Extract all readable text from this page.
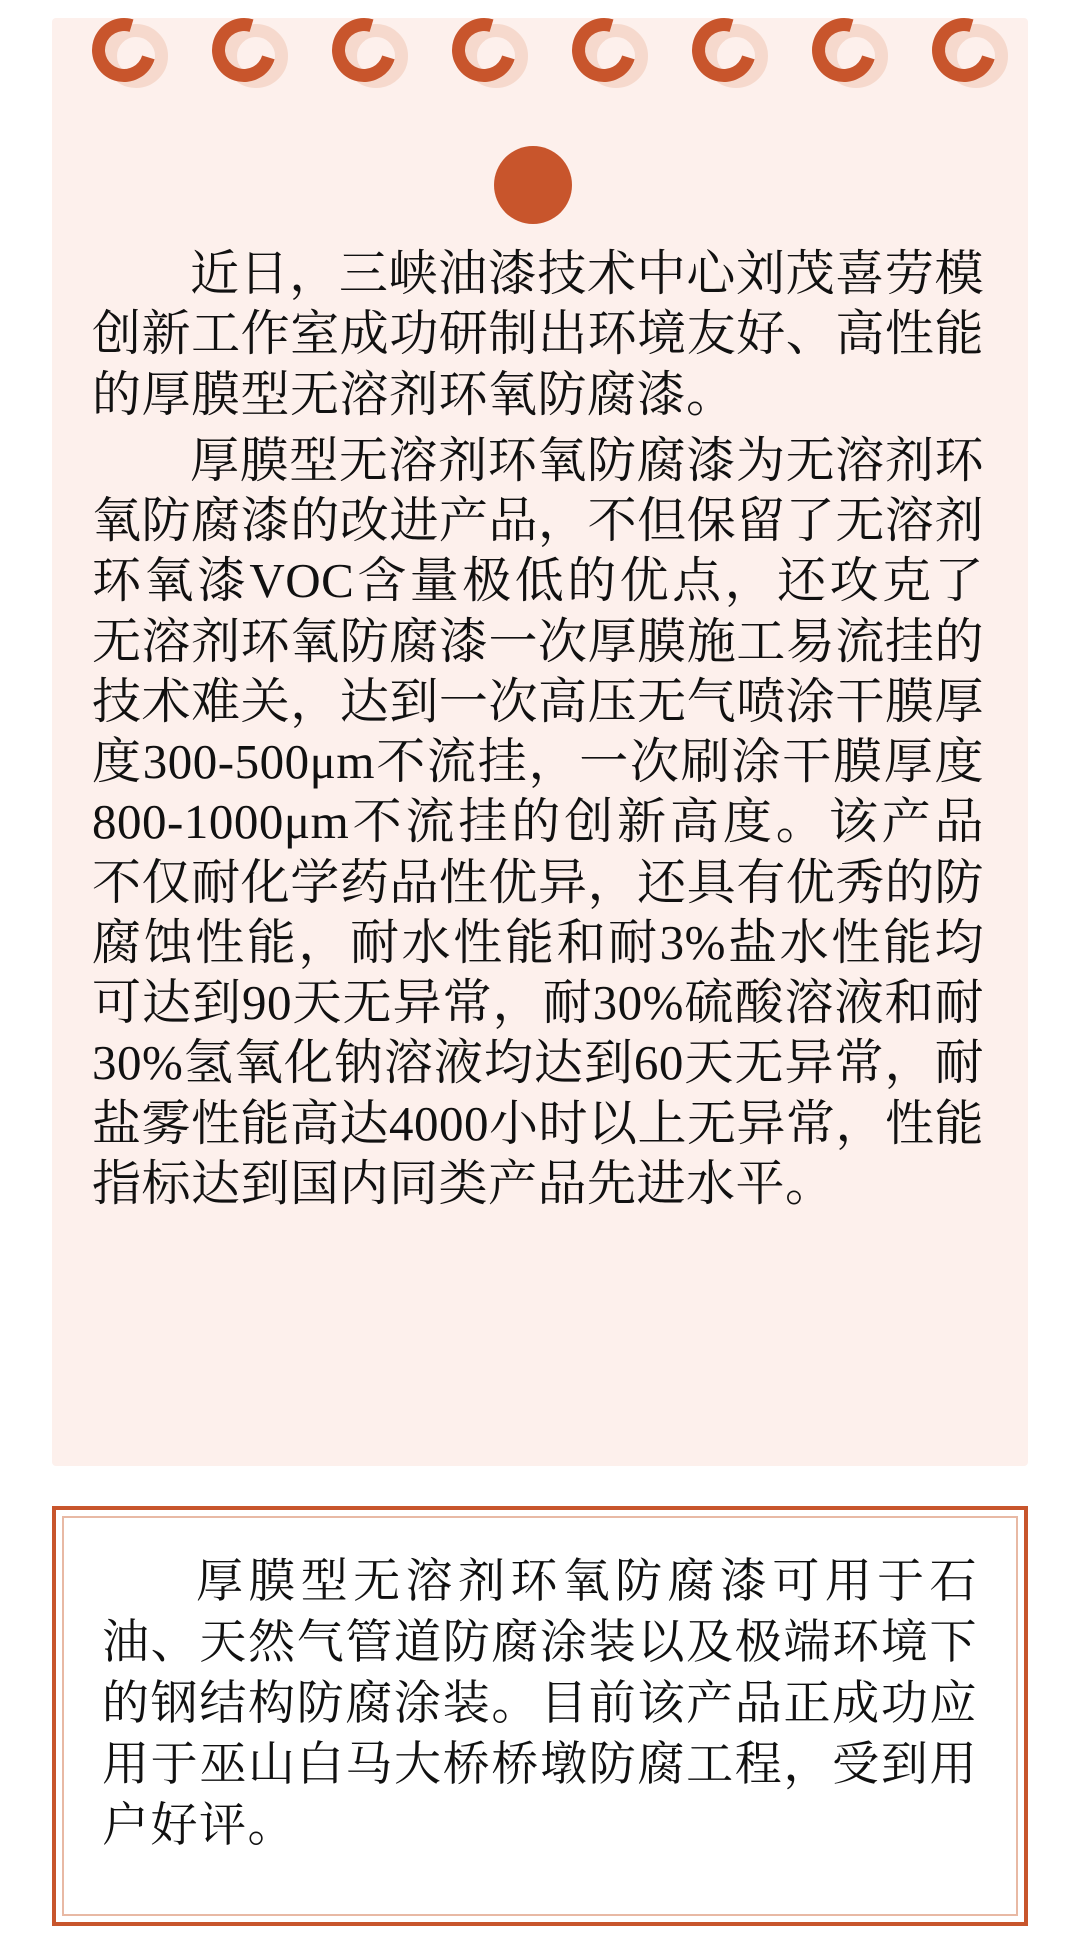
近日，三峡油漆技术中心刘茂喜劳模创新工作室成功研制出环境友好、高性能的厚膜型无溶剂环氧防腐漆。

厚膜型无溶剂环氧防腐漆为无溶剂环氧防腐漆的改进产品，不但保留了无溶剂环氧漆VOC含量极低的优点，还攻克了无溶剂环氧防腐漆一次厚膜施工易流挂的技术难关，达到一次高压无气喷涂干膜厚度300-500μm不流挂，一次刷涂干膜厚度800-1000μm不流挂的创新高度。该产品不仅耐化学药品性优异，还具有优秀的防腐蚀性能，耐水性能和耐3%盐水性能均可达到90天无异常，耐30%硫酸溶液和耐30%氢氧化钠溶液均达到60天无异常，耐盐雾性能高达4000小时以上无异常，性能指标达到国内同类产品先进水平。

厚膜型无溶剂环氧防腐漆可用于石油、天然气管道防腐涂装以及极端环境下的钢结构防腐涂装。目前该产品正成功应用于巫山白马大桥桥墩防腐工程，受到用户好评。
